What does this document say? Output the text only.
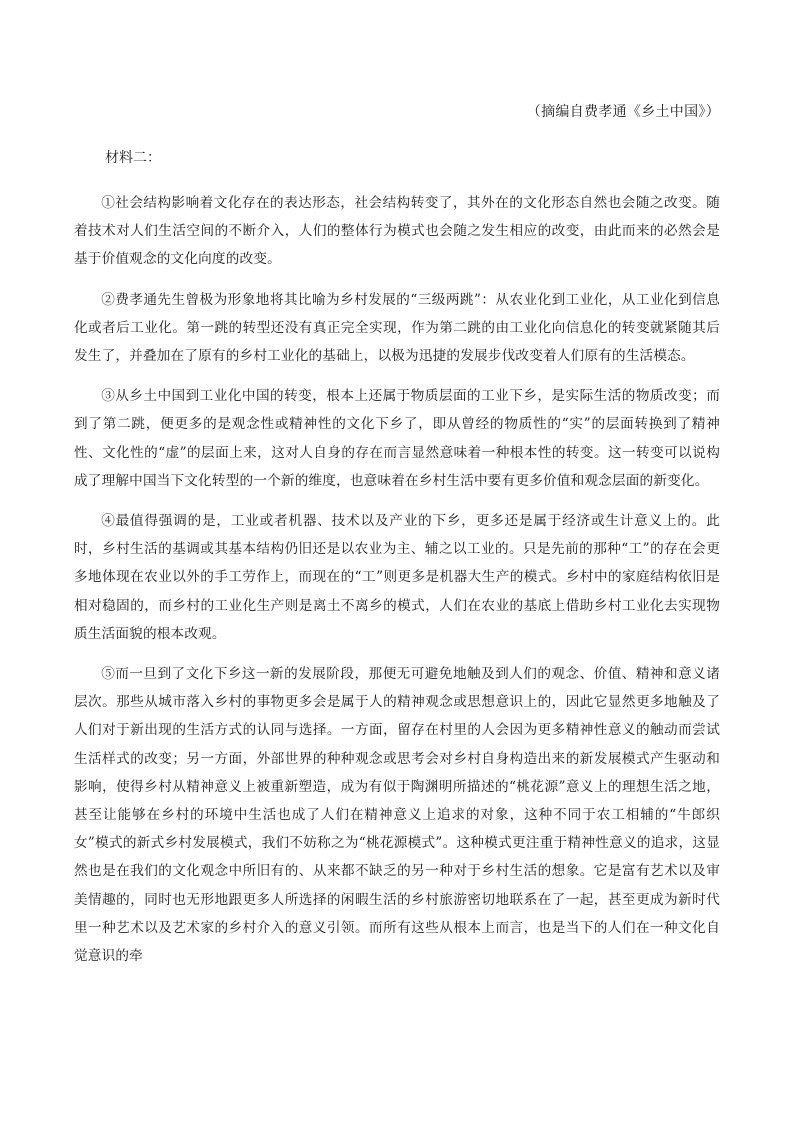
（摘编自费孝通《乡土中国》）
材料二：

①社会结构影响着文化存在的表达形态，社会结构转变了，其外在的文化形态自然也会随之改变。随着技术对人们生活空间的不断介入，人们的整体行为模式也会随之发生相应的改变，由此而来的必然会是基于价值观念的文化向度的改变。

②费孝通先生曾极为形象地将其比喻为乡村发展的“三级两跳”：从农业化到工业化，从工业化到信息化或者后工业化。第一跳的转型还没有真正完全实现，作为第二跳的由工业化向信息化的转变就紧随其后发生了，并叠加在了原有的乡村工业化的基础上，以极为迅捷的发展步伐改变着人们原有的生活模态。

③从乡土中国到工业化中国的转变，根本上还属于物质层面的工业下乡，是实际生活的物质改变；而到了第二跳，便更多的是观念性或精神性的文化下乡了，即从曾经的物质性的“实”的层面转换到了精神性、文化性的“虚”的层面上来，这对人自身的存在而言显然意味着一种根本性的转变。这一转变可以说构成了理解中国当下文化转型的一个新的维度，也意味着在乡村生活中要有更多价值和观念层面的新变化。

④最值得强调的是，工业或者机器、技术以及产业的下乡，更多还是属于经济或生计意义上的。此时，乡村生活的基调或其基本结构仍旧还是以农业为主、辅之以工业的。只是先前的那种“工”的存在会更多地体现在农业以外的手工劳作上，而现在的“工”则更多是机器大生产的模式。乡村中的家庭结构依旧是相对稳固的，而乡村的工业化生产则是离土不离乡的模式，人们在农业的基底上借助乡村工业化去实现物质生活面貌的根本改观。

⑤而一旦到了文化下乡这一新的发展阶段，那便无可避免地触及到人们的观念、价值、精神和意义诸层次。那些从城市落入乡村的事物更多会是属于人的精神观念或思想意识上的，因此它显然更多地触及了人们对于新出现的生活方式的认同与选择。一方面，留存在村里的人会因为更多精神性意义的触动而尝试生活样式的改变；另一方面，外部世界的种种观念或思考会对乡村自身构造出来的新发展模式产生驱动和影响，使得乡村从精神意义上被重新塑造，成为有似于陶渊明所描述的“桃花源”意义上的理想生活之地，甚至让能够在乡村的环境中生活也成了人们在精神意义上追求的对象，这种不同于农工相辅的“牛郎织女”模式的新式乡村发展模式，我们不妨称之为“桃花源模式”。这种模式更注重于精神性意义的追求，这显然也是在我们的文化观念中所旧有的、从来都不缺乏的另一种对于乡村生活的想象。它是富有艺术以及审美情趣的，同时也无形地跟更多人所选择的闲暇生活的乡村旅游密切地联系在了一起，甚至更成为新时代里一种艺术以及艺术家的乡村介入的意义引领。而所有这些从根本上而言，也是当下的人们在一种文化自觉意识的牵
